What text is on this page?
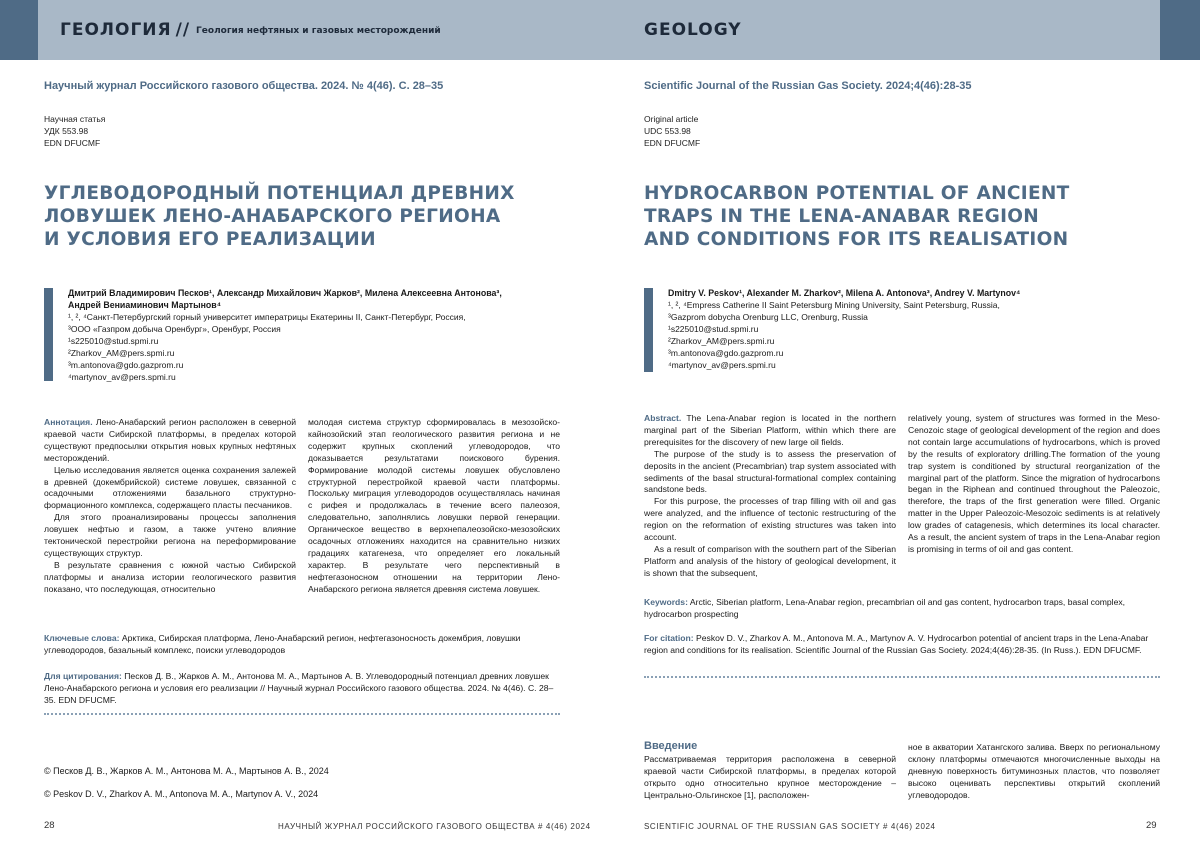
ГЕОЛОГИЯ // Геология нефтяных и газовых месторождений
Научный журнал Российского газового общества. 2024. № 4(46). С. 28–35
Научная статья
УДК 553.98
EDN DFUCMF
УГЛЕВОДОРОДНЫЙ ПОТЕНЦИАЛ ДРЕВНИХ
ЛОВУШЕК ЛЕНО-АНАБАРСКОГО РЕГИОНА
И УСЛОВИЯ ЕГО РЕАЛИЗАЦИИ
Дмитрий Владимирович Песков¹, Александр Михайлович Жарков², Милена Алексеевна Антонова³,
Андрей Вениаминович Мартынов⁴
¹, ², ⁴Санкт-Петербургский горный университет императрицы Екатерины II, Санкт-Петербург, Россия,
³ООО «Газпром добыча Оренбург», Оренбург, Россия
¹s225010@stud.spmi.ru
²Zharkov_AM@pers.spmi.ru
³m.antonova@gdo.gazprom.ru
⁴martynov_av@pers.spmi.ru

Аннотация. Лено-Анабарский регион расположен в северной краевой части Сибирской платформы, в пределах которой существуют предпосылки открытия новых крупных нефтяных месторождений.

Целью исследования является оценка сохранения залежей в древней (докембрийской) системе ловушек, связанной с осадочными отложениями базального структурно-формационного комплекса, содержащего пласты песчаников.

Для этого проанализированы процессы заполнения ловушек нефтью и газом, а также учтено влияние тектонической перестройки региона на переформирование существующих структур.

В результате сравнения с южной частью Сибирской платформы и анализа истории геологического развития показано, что последующая, относительно

молодая система структур сформировалась в мезозойско-кайнозойский этап геологического развития региона и не содержит крупных скоплений углеводородов, что доказывается результатами поискового бурения. Формирование молодой системы ловушек обусловлено структурной перестройкой краевой части платформы. Поскольку миграция углеводородов осуществлялась начиная с рифея и продолжалась в течение всего палеозоя, следовательно, заполнялись ловушки первой генерации. Органическое вещество в верхнепалеозойско-мезозойских осадочных отложениях находится на сравнительно низких градациях катагенеза, что определяет его локальный характер. В результате чего перспективный в нефтегазоносном отношении на территории Лено-Анабарского региона является древняя система ловушек.

Ключевые слова: Арктика, Сибирская платформа, Лено-Анабарский регион, нефтегазоносность докембрия, ловушки углеводородов, базальный комплекс, поиски углеводородов
Для цитирования: Песков Д. В., Жарков А. М., Антонова М. А., Мартынов А. В. Углеводородный потенциал древних ловушек Лено-Анабарского региона и условия его реализации // Научный журнал Российского газового общества. 2024. № 4(46). С. 28–35. EDN DFUCMF.
© Песков Д. В., Жарков А. М., Антонова М. А., Мартынов А. В., 2024
© Peskov D. V., Zharkov A. M., Antonova M. A., Martynov A. V., 2024
28	НАУЧНЫЙ ЖУРНАЛ РОССИЙСКОГО ГАЗОВОГО ОБЩЕСТВА # 4(46) 2024
GEOLOGY
Scientific Journal of the Russian Gas Society. 2024;4(46):28-35
Original article
UDC 553.98
EDN DFUCMF
HYDROCARBON POTENTIAL OF ANCIENT
TRAPS IN THE LENA-ANABAR REGION
AND CONDITIONS FOR ITS REALISATION
Dmitry V. Peskov¹, Alexander M. Zharkov², Milena A. Antonova³, Andrey V. Martynov⁴
¹, ², ⁴Empress Catherine II Saint Petersburg Mining University, Saint Petersburg, Russia,
³Gazprom dobycha Orenburg LLC, Orenburg, Russia
¹s225010@stud.spmi.ru
²Zharkov_AM@pers.spmi.ru
³m.antonova@gdo.gazprom.ru
⁴martynov_av@pers.spmi.ru

Abstract. The Lena-Anabar region is located in the northern marginal part of the Siberian Platform, within which there are prerequisites for the discovery of new large oil fields.

The purpose of the study is to assess the preservation of deposits in the ancient (Precambrian) trap system associated with sediments of the basal structural-formational complex containing sandstone beds.

For this purpose, the processes of trap filling with oil and gas were analyzed, and the influence of tectonic restructuring of the region on the reformation of existing structures was taken into account.

As a result of comparison with the southern part of the Siberian Platform and analysis of the history of geological development, it is shown that the subsequent,

relatively young, system of structures was formed in the Meso-Cenozoic stage of geological development of the region and does not contain large accumulations of hydrocarbons, which is proved by the results of exploratory drilling.The formation of the young trap system is conditioned by structural reorganization of the marginal part of the platform. Since the migration of hydrocarbons began in the Riphean and continued throughout the Paleozoic, therefore, the traps of the first generation were filled. Organic matter in the Upper Paleozoic-Mesozoic sediments is at relatively low grades of catagenesis, which determines its local character. As a result, the ancient system of traps in the Lena-Anabar region is promising in terms of oil and gas content.

Keywords: Arctic, Siberian platform, Lena-Anabar region, precambrian oil and gas content, hydrocarbon traps, basal complex, hydrocarbon prospecting
For citation: Peskov D. V., Zharkov A. M., Antonova M. A., Martynov A. V. Hydrocarbon potential of ancient traps in the Lena-Anabar region and conditions for its realisation. Scientific Journal of the Russian Gas Society. 2024;4(46):28-35. (In Russ.). EDN DFUCMF.
Введение

Рассматриваемая территория расположена в северной краевой части Сибирской платформы, в пределах которой открыто одно относительно крупное месторождение – Центрально-Ольгинское [1], расположен-

ное в акватории Хатангского залива. Вверх по региональному склону платформы отмечаются многочисленные выходы на дневную поверхность битуминозных пластов, что позволяет высоко оценивать перспективы открытий скоплений углеводородов.

SCIENTIFIC JOURNAL OF THE RUSSIAN GAS SOCIETY # 4(46) 2024	29
